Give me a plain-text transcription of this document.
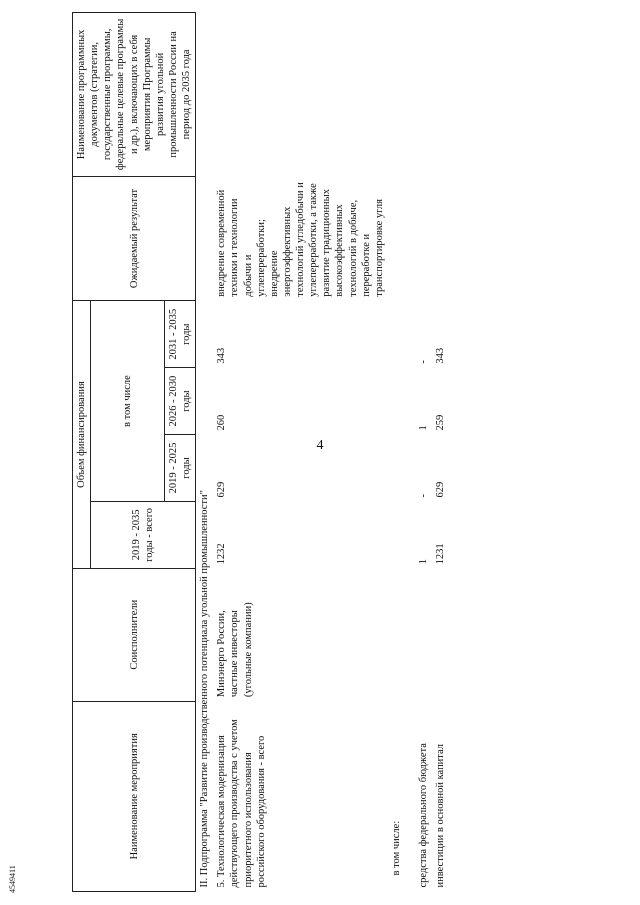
4
4549411
Наименование мероприятия	Соисполнители	Объем финансирования				Ожидаемый результат	Наименование программных документов (стратегии, государственные программы, федеральные целевые программы и др.), включающих в себя мероприятия Программы развития угольной промышленности России на период до 2035 года
		2019 - 2035 годы - всего	в том числе				
			2019 - 2025 годы	2026 - 2030 годы	2031 - 2035 годы		
II. Подпрограмма "Развитие производственного потенциала угольной промышленности"							
5. Технологическая модернизация действующего производства с учетом приоритетного использования российского оборудования - всего	Минэнерго России, частные инвесторы (угольные компании)	1232	629	260	343	внедрение современной техники и технологии добычи и углепереработки; внедрение энергоэффективных технологий угледобычи и углепереработки, а также развитие традиционных высокоэффективных технологий в добыче, переработке и транспортировке угля	
в том числе:							

средства федерального бюджета		1	-	1	-		
инвестиции в основной капитал		1231	629	259	343		
